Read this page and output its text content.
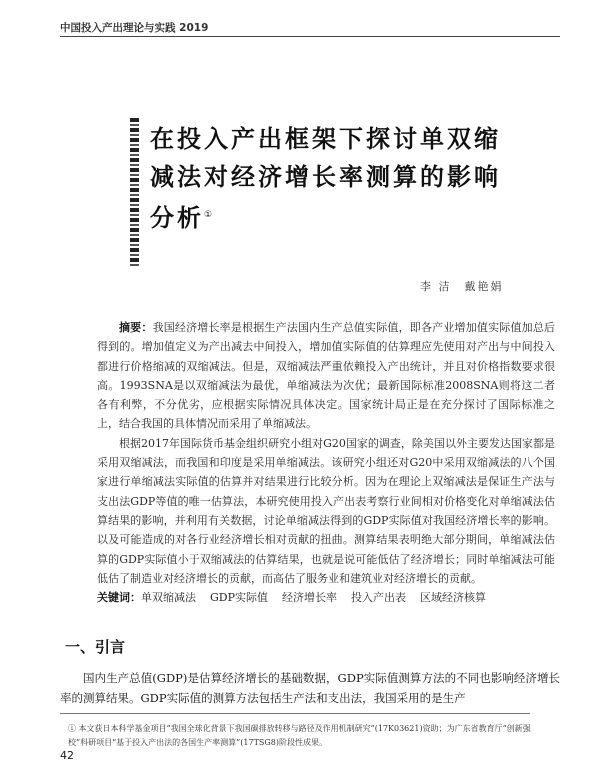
中国投入产出理论与实践 2019
在投入产出框架下探讨单双缩
减法对经济增长率测算的影响
分析①
李 洁　戴艳娟

摘要：我国经济增长率是根据生产法国内生产总值实际值，即各产业增加值实际值加总后得到的。增加值定义为产出减去中间投入，增加值实际值的估算理应先使用对产出与中间投入都进行价格缩减的双缩减法。但是，双缩减法严重依赖投入产出统计，并且对价格指数要求很高。1993SNA是以双缩减法为最优，单缩减法为次优；最新国际标准2008SNA则将这二者各有利弊，不分优劣，应根据实际情况具体决定。国家统计局正是在充分探讨了国际标准之上，结合我国的具体情况而采用了单缩减法。

根据2017年国际货币基金组织研究小组对G20国家的调查，除美国以外主要发达国家都是采用双缩减法，而我国和印度是采用单缩减法。该研究小组还对G20中采用双缩减法的八个国家进行单缩减法实际值的估算并对结果进行比较分析。因为在理论上双缩减法是保证生产法与支出法GDP等值的唯一估算法，本研究使用投入产出表考察行业间相对价格变化对单缩减法估算结果的影响，并利用有关数据，讨论单缩减法得到的GDP实际值对我国经济增长率的影响。以及可能造成的对各行业经济增长相对贡献的扭曲。测算结果表明绝大部分期间，单缩减法估算的GDP实际值小于双缩减法的估算结果，也就是说可能低估了经济增长；同时单缩减法可能低估了制造业对经济增长的贡献，而高估了服务业和建筑业对经济增长的贡献。

关键词：单双缩减法 GDP实际值 经济增长率 投入产出表 区域经济核算

一、引言

国内生产总值(GDP)是估算经济增长的基础数据，GDP实际值测算方法的不同也影响经济增长率的测算结果。GDP实际值的测算方法包括生产法和支出法，我国采用的是生产

① 本文获日本科学基金项目“我国全球化背景下我国碳排放转移与路径及作用机制研究”(17K03621)资助；为广东省教育厅“创新强校”科研项目“基于投入产出法的各国生产率测算”(17TSG8)阶段性成果。

42
